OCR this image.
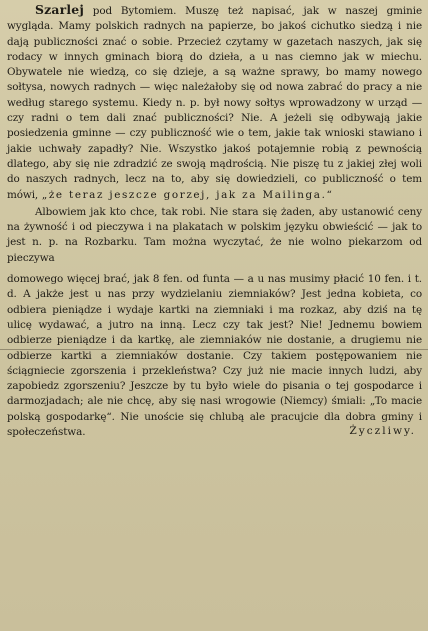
Szarlej pod Bytomiem. Muszę też napisać, jak w naszej gminie wygląda. Mamy polskich radnych na papierze, bo jakoś cichutko siedzą i nie dają publiczności znać o sobie. Przecież czytamy w gazetach naszych, jak się rodacy w innych gminach biorą do dzieła, a u nas ciemno jak w miechu. Obywatele nie wiedzą, co się dzieje, a są ważne sprawy, bo mamy nowego sołtysa, nowych radnych — więc należałoby się od nowa zabrać do pracy a nie według starego systemu. Kiedy n. p. był nowy sołtys wprowadzony w urząd — czy radni o tem dali znać publiczności? Nie. A jeżeli się odbywają jakie posiedzenia gminne — czy publiczność wie o tem, jakie tak wnioski stawiano i jakie uchwały zapadły? Nie. Wszystko jakoś potajemnie robią z pewnością dlatego, aby się nie zdradzić ze swoją mądrością. Nie piszę tu z jakiej złej woli do naszych radnych, lecz na to, aby się dowiedzieli, co publiczność o tem mówi, „że teraz jeszcze gorzej, jak za Mailinga.“

Albowiem jak kto chce, tak robi. Nie stara się żaden, aby ustanowić ceny na żywność i od pieczywa i na plakatach w polskim języku obwieścić — jak to jest n. p. na Rozbarku. Tam można wyczytać, że nie wolno piekarzom od pieczywa

domowego więcej brać, jak 8 fen. od funta — a u nas musimy płacić 10 fen. i t. d. A jakże jest u nas przy wydzielaniu ziemniaków? Jest jedna kobieta, co odbiera pieniądze i wydaje kartki na ziemniaki i ma rozkaz, aby dziś na tę ulicę wydawać, a jutro na inną. Lecz czy tak jest? Nie! Jednemu bowiem odbierze pieniądze i da kartkę, ale ziemniaków nie dostanie, a drugiemu nie odbierze kartki a ziemniaków dostanie. Czy takiem postępowaniem nie ściągniecie zgorszenia i przekleństwa? Czy już nie macie innych ludzi, aby zapobiedz zgorszeniu? Jeszcze by tu było wiele do pisania o tej gospodarce i darmozjadach; ale nie chcę, aby się nasi wrogowie (Niemcy) śmiali: „To macie polską gospodarkę“. Nie unoście się chlubą ale pracujcie dla dobra gminy i społeczeństwa.	Życzliwy.
